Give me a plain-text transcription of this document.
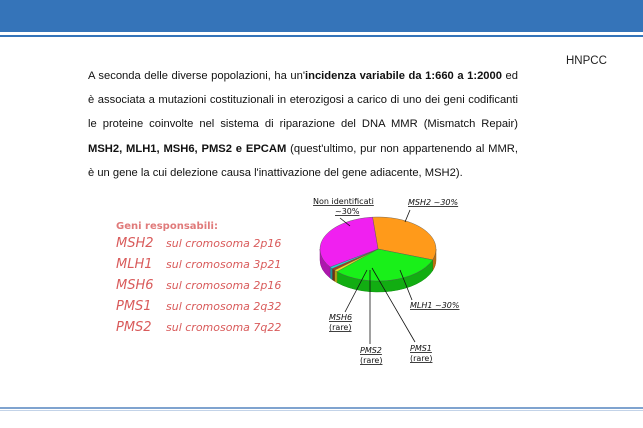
HNPCC
A seconda delle diverse popolazioni, ha un'incidenza variabile da 1:660 a 1:2000 ed è associata a mutazioni costituzionali in eterozigosi a carico di uno dei geni codificanti le proteine coinvolte nel sistema di riparazione del DNA MMR (Mismatch Repair) MSH2, MLH1, MSH6, PMS2 e EPCAM (quest'ultimo, pur non appartenendo al MMR, è un gene la cui delezione causa l'inattivazione del gene adiacente, MSH2).
Geni responsabili:
MSH2	sul cromosoma 2p16
MLH1	sul cromosoma 3p21
MSH6	sul cromosoma 2p16
PMS1	sul cromosoma 2q32
PMS2	sul cromosoma 7q22
MSH2 ~30%
MLH1 ~30%
PMS1
(rare)
PMS2
(rare)
MSH6
(rare)
Non identificati
~30%
